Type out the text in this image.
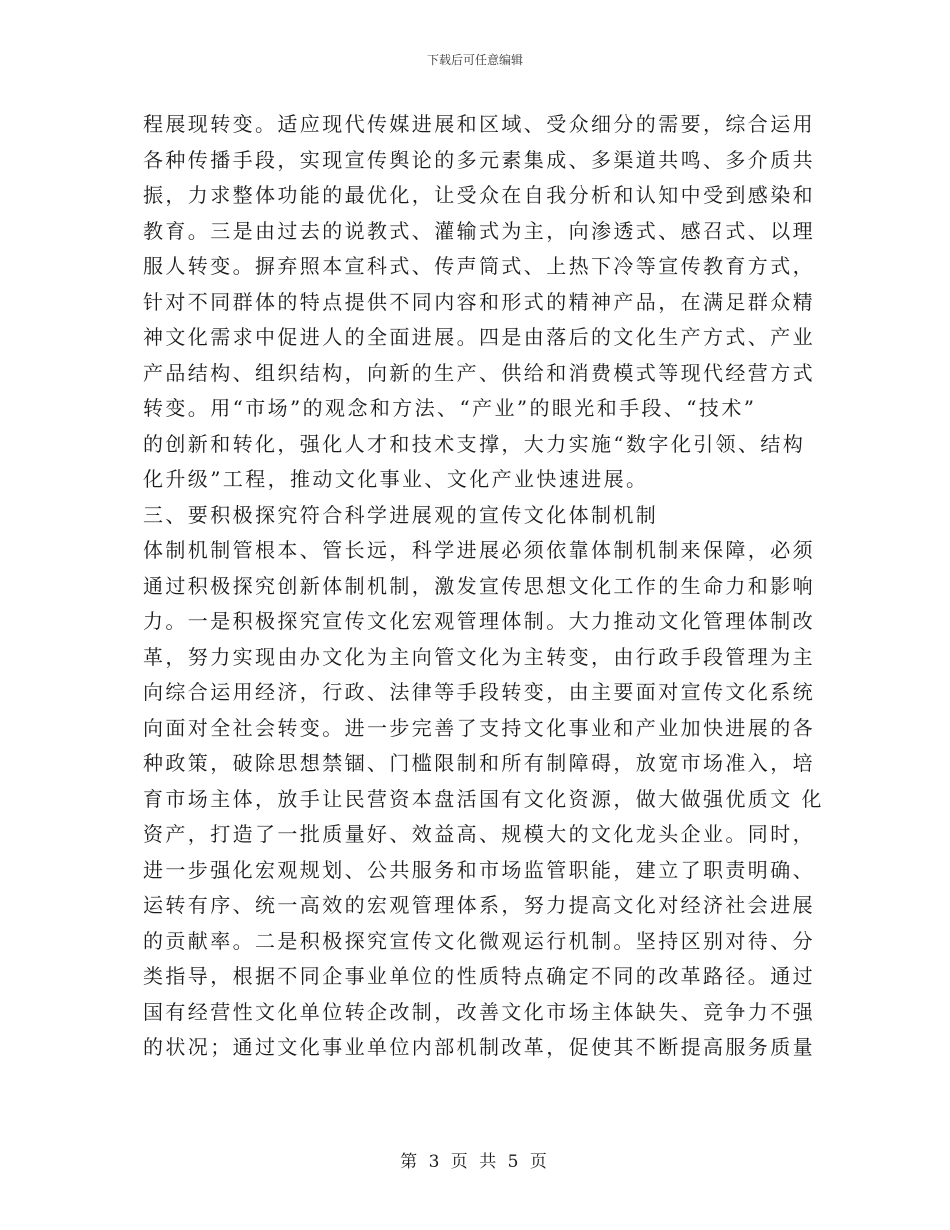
下载后可任意编辑
程展现转变。适应现代传媒进展和区域、受众细分的需要，综合运用
各种传播手段，实现宣传舆论的多元素集成、多渠道共鸣、多介质共
振，力求整体功能的最优化，让受众在自我分析和认知中受到感染和
教育。三是由过去的说教式、灌输式为主，向渗透式、感召式、以理
服人转变。摒弃照本宣科式、传声筒式、上热下冷等宣传教育方式，
针对不同群体的特点提供不同内容和形式的精神产品，在满足群众精
神文化需求中促进人的全面进展。四是由落后的文化生产方式、产业
产品结构、组织结构，向新的生产、供给和消费模式等现代经营方式
转变。用“市场”的观念和方法、“产业”的眼光和手段、“技术”
的创新和转化，强化人才和技术支撑，大力实施“数字化引领、结构
化升级”工程，推动文化事业、文化产业快速进展。
三、要积极探究符合科学进展观的宣传文化体制机制
体制机制管根本、管长远，科学进展必须依靠体制机制来保障，必须
通过积极探究创新体制机制，激发宣传思想文化工作的生命力和影响
力。一是积极探究宣传文化宏观管理体制。大力推动文化管理体制改
革，努力实现由办文化为主向管文化为主转变，由行政手段管理为主
向综合运用经济，行政、法律等手段转变，由主要面对宣传文化系统
向面对全社会转变。进一步完善了支持文化事业和产业加快进展的各
种政策，破除思想禁锢、门槛限制和所有制障碍，放宽市场准入，培
育市场主体，放手让民营资本盘活国有文化资源，做大做强优质文 化
资产，打造了一批质量好、效益高、规模大的文化龙头企业。同时，
进一步强化宏观规划、公共服务和市场监管职能，建立了职责明确、
运转有序、统一高效的宏观管理体系，努力提高文化对经济社会进展
的贡献率。二是积极探究宣传文化微观运行机制。坚持区别对待、分
类指导，根据不同企事业单位的性质特点确定不同的改革路径。通过
国有经营性文化单位转企改制，改善文化市场主体缺失、竞争力不强
的状况；通过文化事业单位内部机制改革，促使其不断提高服务质量
第 3 页 共 5 页
